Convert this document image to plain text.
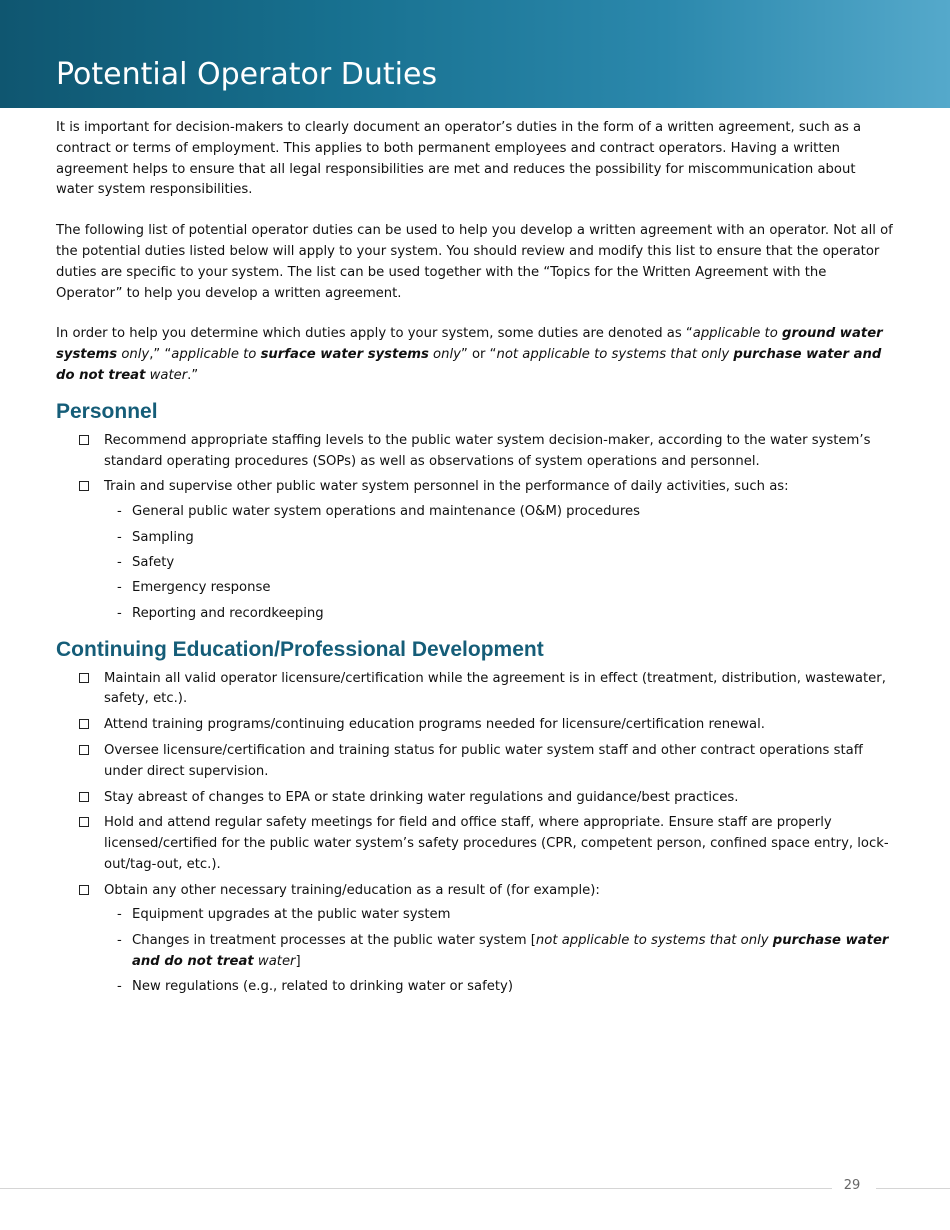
Potential Operator Duties

It is important for decision-makers to clearly document an operator’s duties in the form of a written agreement, such as a contract or terms of employment. This applies to both permanent employees and contract operators. Having a written agreement helps to ensure that all legal responsibilities are met and reduces the possibility for miscommunication about water system responsibilities.

The following list of potential operator duties can be used to help you develop a written agreement with an operator. Not all of the potential duties listed below will apply to your system. You should review and modify this list to ensure that the operator duties are specific to your system. The list can be used together with the “Topics for the Written Agreement with the Operator” to help you develop a written agreement.

In order to help you determine which duties apply to your system, some duties are denoted as “applicable to ground water systems only,” “applicable to surface water systems only” or “not applicable to systems that only purchase water and do not treat water.”

Personnel
Recommend appropriate staffing levels to the public water system decision-maker, according to the water system’s standard operating procedures (SOPs) as well as observations of system operations and personnel.
Train and supervise other public water system personnel in the performance of daily activities, such as:
- General public water system operations and maintenance (O&M) procedures
- Sampling
- Safety
- Emergency response
- Reporting and recordkeeping
Continuing Education/Professional Development
Maintain all valid operator licensure/certification while the agreement is in effect (treatment, distribution, wastewater, safety, etc.).
Attend training programs/continuing education programs needed for licensure/certification renewal.
Oversee licensure/certification and training status for public water system staff and other contract operations staff under direct supervision.
Stay abreast of changes to EPA or state drinking water regulations and guidance/best practices.
Hold and attend regular safety meetings for field and office staff, where appropriate. Ensure staff are properly licensed/certified for the public water system’s safety procedures (CPR, competent person, confined space entry, lock-out/tag-out, etc.).
Obtain any other necessary training/education as a result of (for example):
- Equipment upgrades at the public water system
- Changes in treatment processes at the public water system [not applicable to systems that only purchase water and do not treat water]
- New regulations (e.g., related to drinking water or safety)
29
